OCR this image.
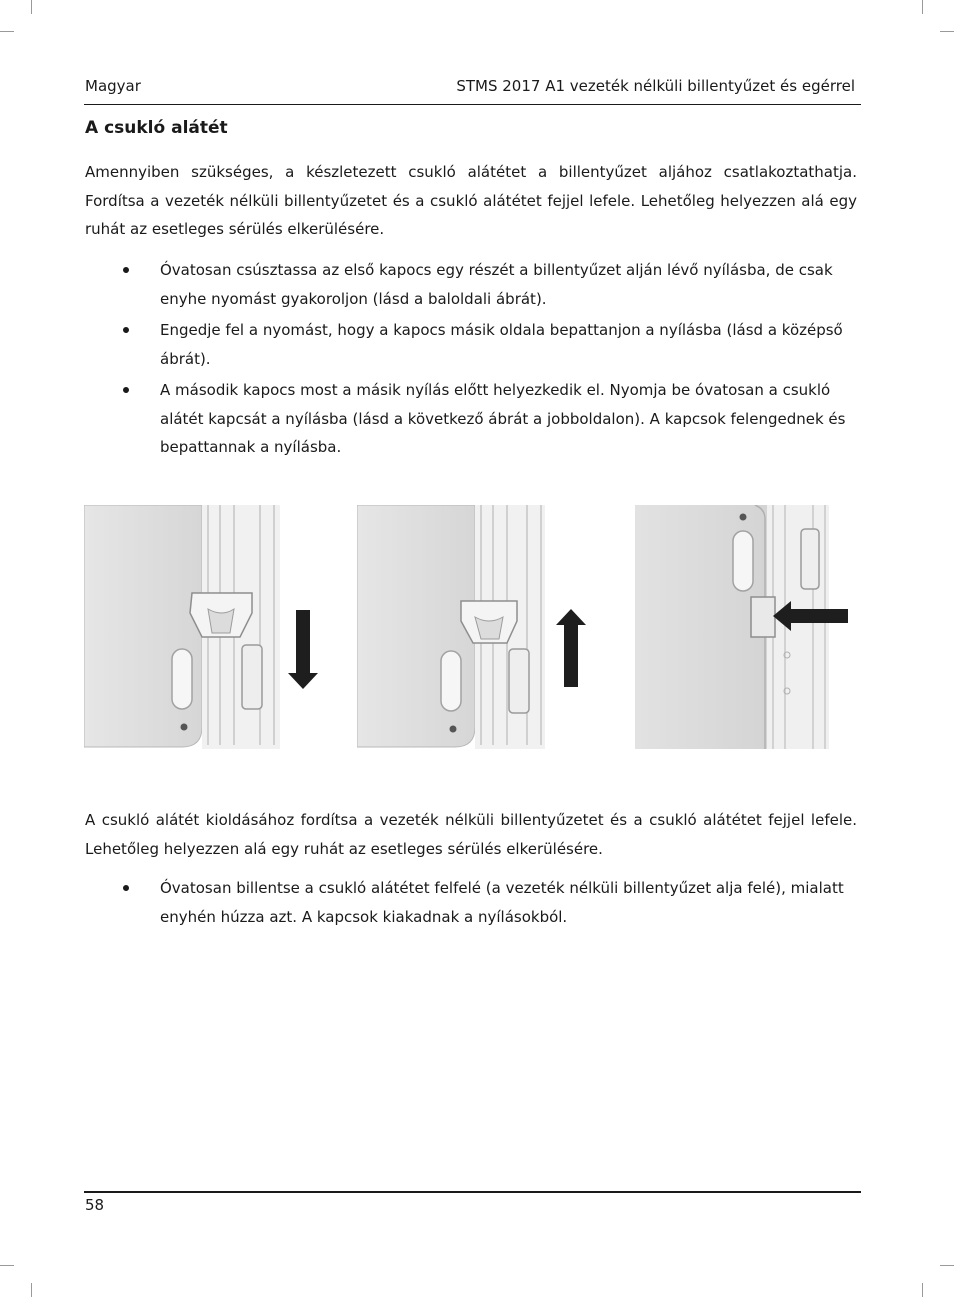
Magyar	STMS 2017 A1 vezeték nélküli billentyűzet és egérrel
A csukló alátét

Amennyiben szükséges, a készletezett csukló alátétet a billentyűzet aljához csatlakoztathatja. Fordítsa a vezeték nélküli billentyűzetet és a csukló alátétet fejjel lefele. Lehetőleg helyezzen alá egy ruhát az esetleges sérülés elkerülésére.

Óvatosan csúsztassa az első kapocs egy részét a billentyűzet alján lévő nyílásba, de csak enyhe nyomást gyakoroljon (lásd a baloldali ábrát).
Engedje fel a nyomást, hogy a kapocs másik oldala bepattanjon a nyílásba (lásd a középső ábrát).
A második kapocs most a másik nyílás előtt helyezkedik el. Nyomja be óvatosan a csukló alátét kapcsát a nyílásba (lásd a következő ábrát a jobboldalon). A kapcsok felengednek és bepattannak a nyílásba.

A csukló alátét kioldásához fordítsa a vezeték nélküli billentyűzetet és a csukló alátétet fejjel lefele. Lehetőleg helyezzen alá egy ruhát az esetleges sérülés elkerülésére.

Óvatosan billentse a csukló alátétet felfelé (a vezeték nélküli billentyűzet alja felé), mialatt enyhén húzza azt. A kapcsok kiakadnak a nyílásokból.
58
